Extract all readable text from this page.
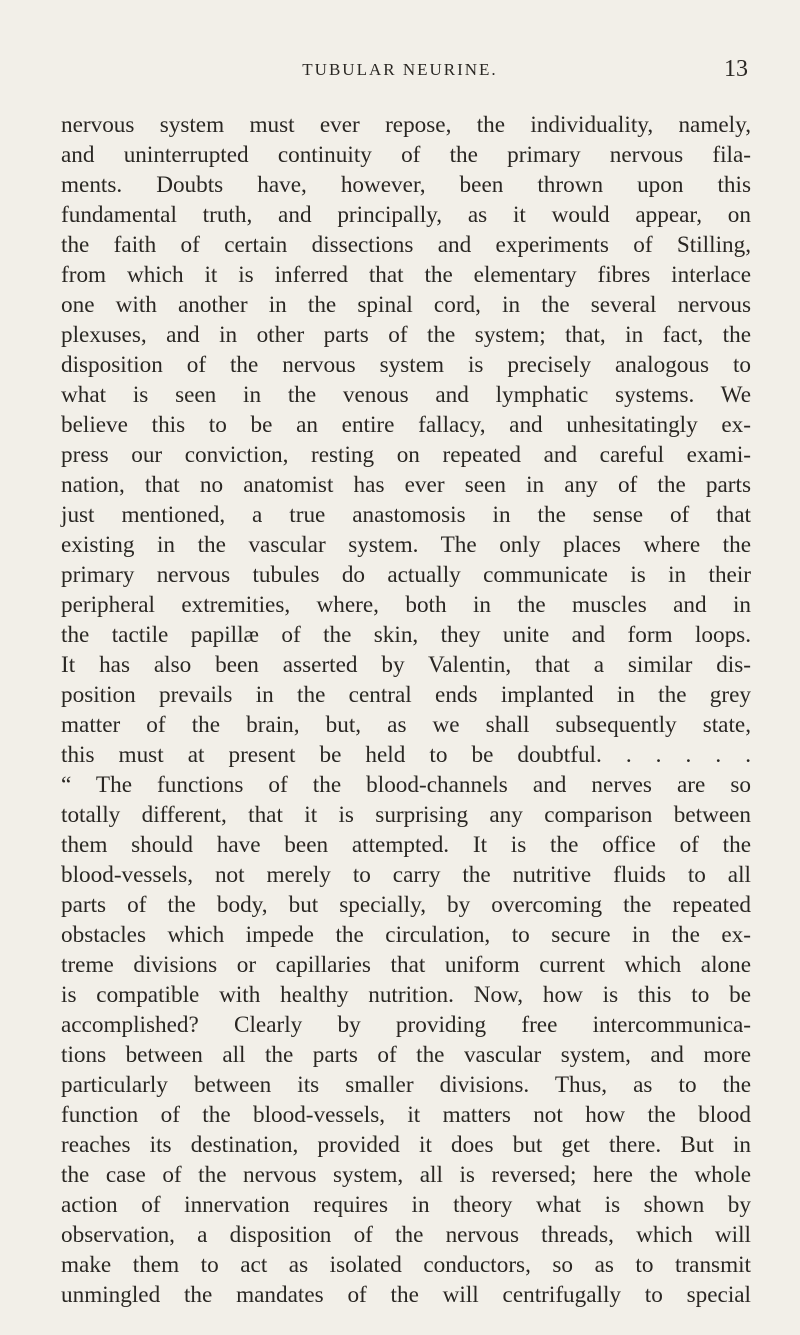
TUBULAR NEURINE.	13
nervous system must ever repose, the individuality, namely,
and uninterrupted continuity of the primary nervous fila-
ments. Doubts have, however, been thrown upon this
fundamental truth, and principally, as it would appear, on
the faith of certain dissections and experiments of Stilling,
from which it is inferred that the elementary fibres interlace
one with another in the spinal cord, in the several nervous
plexuses, and in other parts of the system; that, in fact, the
disposition of the nervous system is precisely analogous to
what is seen in the venous and lymphatic systems. We
believe this to be an entire fallacy, and unhesitatingly ex-
press our conviction, resting on repeated and careful exami-
nation, that no anatomist has ever seen in any of the parts
just mentioned, a true anastomosis in the sense of that
existing in the vascular system. The only places where the
primary nervous tubules do actually communicate is in their
peripheral extremities, where, both in the muscles and in
the tactile papillæ of the skin, they unite and form loops.
It has also been asserted by Valentin, that a similar dis-
position prevails in the central ends implanted in the grey
matter of the brain, but, as we shall subsequently state,
this must at present be held to be doubtful. . . . . .
“ The functions of the blood-channels and nerves are so
totally different, that it is surprising any comparison between
them should have been attempted. It is the office of the
blood-vessels, not merely to carry the nutritive fluids to all
parts of the body, but specially, by overcoming the repeated
obstacles which impede the circulation, to secure in the ex-
treme divisions or capillaries that uniform current which alone
is compatible with healthy nutrition. Now, how is this to be
accomplished? Clearly by providing free intercommunica-
tions between all the parts of the vascular system, and more
particularly between its smaller divisions. Thus, as to the
function of the blood-vessels, it matters not how the blood
reaches its destination, provided it does but get there. But in
the case of the nervous system, all is reversed; here the whole
action of innervation requires in theory what is shown by
observation, a disposition of the nervous threads, which will
make them to act as isolated conductors, so as to transmit
unmingled the mandates of the will centrifugally to special
